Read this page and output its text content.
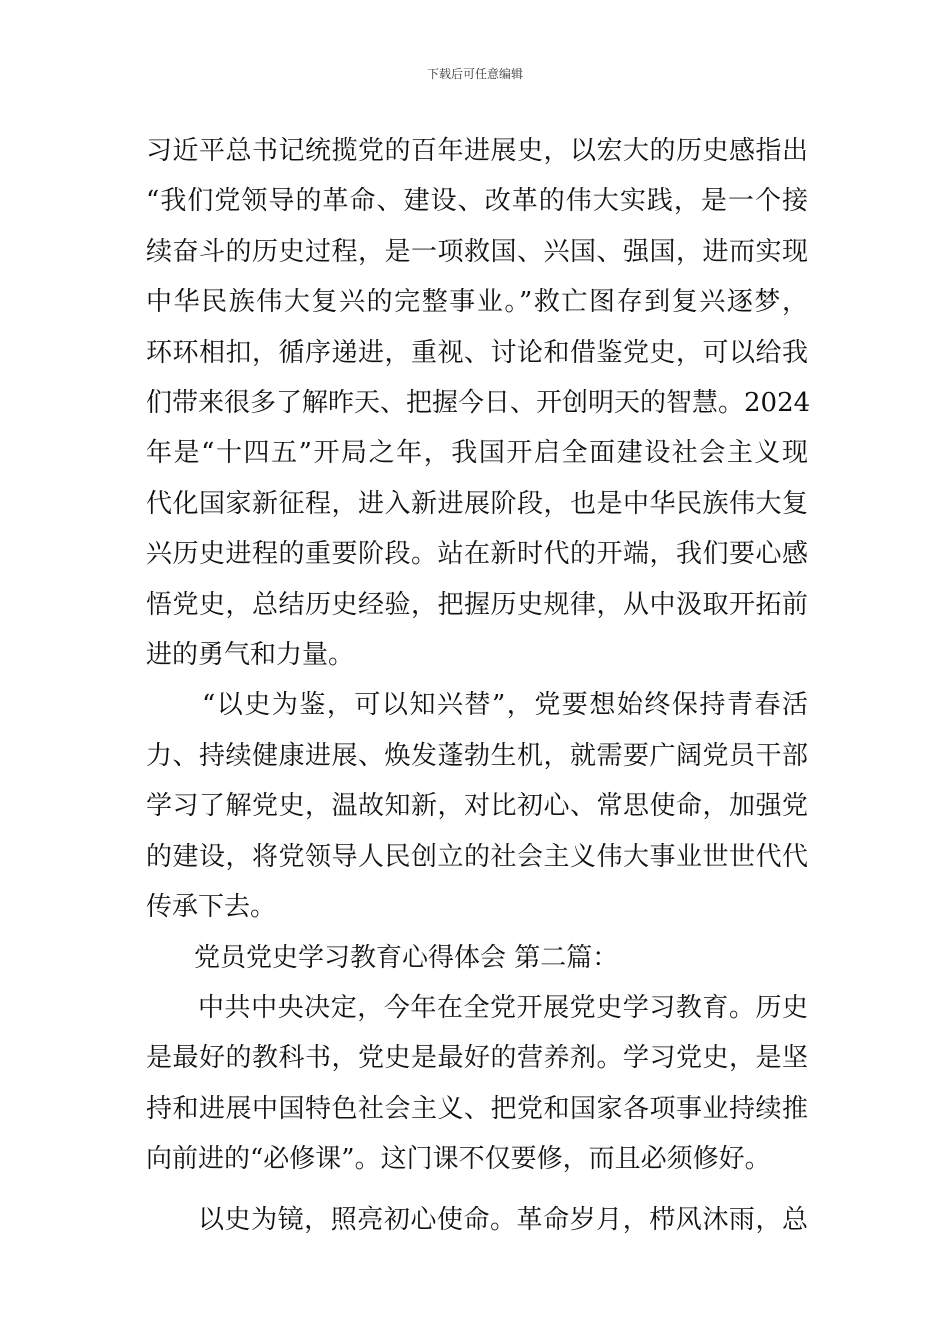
下载后可任意编辑

习近平总书记统揽党的百年进展史，以宏大的历史感指出
“我们党领导的革命、建设、改革的伟大实践，是一个接
续奋斗的历史过程，是一项救国、兴国、强国，进而实现
中华民族伟大复兴的完整事业。”救亡图存到复兴逐梦，
环环相扣，循序递进，重视、讨论和借鉴党史，可以给我
们带来很多了解昨天、把握今日、开创明天的智慧。2024
年是“十四五”开局之年，我国开启全面建设社会主义现
代化国家新征程，进入新进展阶段，也是中华民族伟大复
兴历史进程的重要阶段。站在新时代的开端，我们要心感
悟党史，总结历史经验，把握历史规律，从中汲取开拓前
进的勇气和力量。

“以史为鉴，可以知兴替”，党要想始终保持青春活
力、持续健康进展、焕发蓬勃生机，就需要广阔党员干部
学习了解党史，温故知新，对比初心、常思使命，加强党
的建设，将党领导人民创立的社会主义伟大事业世世代代
传承下去。

党员党史学习教育心得体会 第二篇：

中共中央决定，今年在全党开展党史学习教育。历史
是最好的教科书，党史是最好的营养剂。学习党史，是坚
持和进展中国特色社会主义、把党和国家各项事业持续推
向前进的“必修课”。这门课不仅要修，而且必须修好。

以史为镜，照亮初心使命。革命岁月，栉风沐雨，总
